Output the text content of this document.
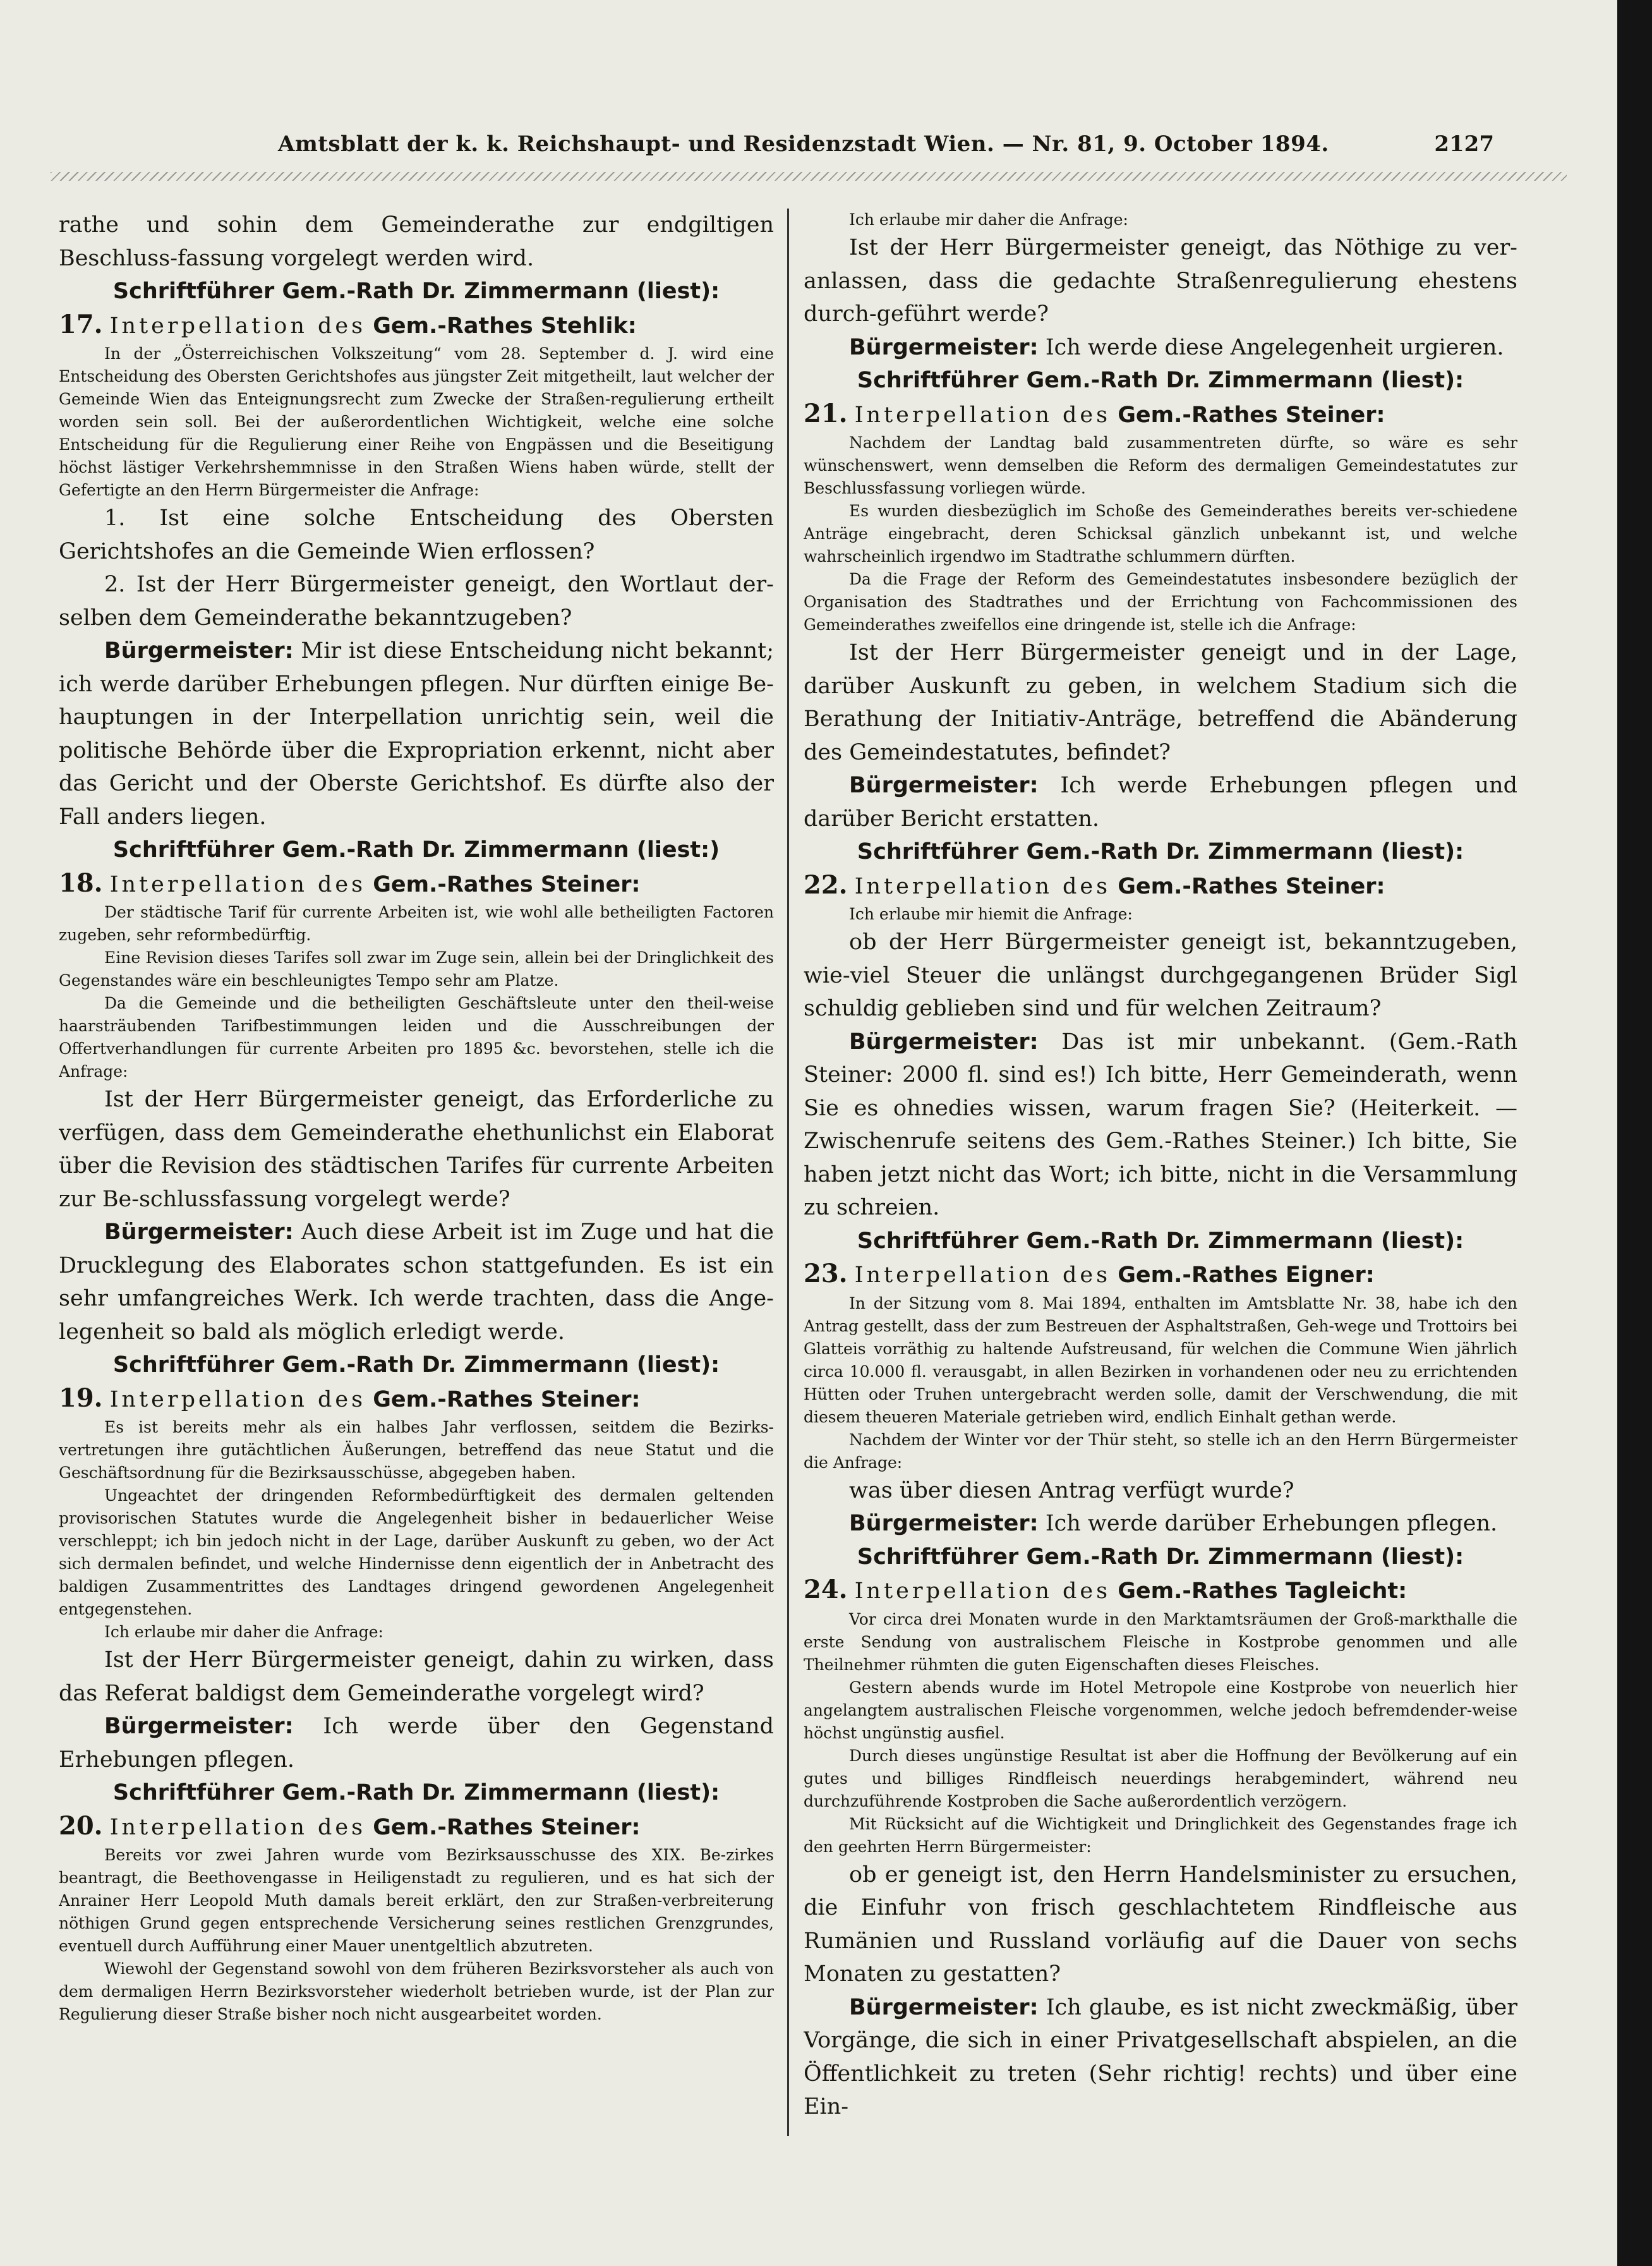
Amtsblatt der k. k. Reichshaupt- und Residenzstadt Wien. — Nr. 81, 9. October 1894.	2127

rathe und sohin dem Gemeinderathe zur endgiltigen Beschluss-fassung vorgelegt werden wird.

Schriftführer Gem.-Rath Dr. Zimmermann (liest):

17. Interpellation des Gem.-Rathes Stehlik:

In der „Österreichischen Volkszeitung“ vom 28. September d. J. wird eine Entscheidung des Obersten Gerichtshofes aus jüngster Zeit mitgetheilt, laut welcher der Gemeinde Wien das Enteignungsrecht zum Zwecke der Straßen-regulierung ertheilt worden sein soll. Bei der außerordentlichen Wichtigkeit, welche eine solche Entscheidung für die Regulierung einer Reihe von Engpässen und die Beseitigung höchst lästiger Verkehrshemmnisse in den Straßen Wiens haben würde, stellt der Gefertigte an den Herrn Bürgermeister die Anfrage:

1. Ist eine solche Entscheidung des Obersten Gerichtshofes an die Gemeinde Wien erflossen?

2. Ist der Herr Bürgermeister geneigt, den Wortlaut der-selben dem Gemeinderathe bekanntzugeben?

Bürgermeister: Mir ist diese Entscheidung nicht bekannt; ich werde darüber Erhebungen pflegen. Nur dürften einige Be-hauptungen in der Interpellation unrichtig sein, weil die politische Behörde über die Expropriation erkennt, nicht aber das Gericht und der Oberste Gerichtshof. Es dürfte also der Fall anders liegen.

Schriftführer Gem.-Rath Dr. Zimmermann (liest:)

18. Interpellation des Gem.-Rathes Steiner:

Der städtische Tarif für currente Arbeiten ist, wie wohl alle betheiligten Factoren zugeben, sehr reformbedürftig.

Eine Revision dieses Tarifes soll zwar im Zuge sein, allein bei der Dringlichkeit des Gegenstandes wäre ein beschleunigtes Tempo sehr am Platze.

Da die Gemeinde und die betheiligten Geschäftsleute unter den theil-weise haarsträubenden Tarifbestimmungen leiden und die Ausschreibungen der Offertverhandlungen für currente Arbeiten pro 1895 &c. bevorstehen, stelle ich die Anfrage:

Ist der Herr Bürgermeister geneigt, das Erforderliche zu verfügen, dass dem Gemeinderathe ehethunlichst ein Elaborat über die Revision des städtischen Tarifes für currente Arbeiten zur Be-schlussfassung vorgelegt werde?

Bürgermeister: Auch diese Arbeit ist im Zuge und hat die Drucklegung des Elaborates schon stattgefunden. Es ist ein sehr umfangreiches Werk. Ich werde trachten, dass die Ange-legenheit so bald als möglich erledigt werde.

Schriftführer Gem.-Rath Dr. Zimmermann (liest):

19. Interpellation des Gem.-Rathes Steiner:

Es ist bereits mehr als ein halbes Jahr verflossen, seitdem die Bezirks-vertretungen ihre gutächtlichen Äußerungen, betreffend das neue Statut und die Geschäftsordnung für die Bezirksausschüsse, abgegeben haben.

Ungeachtet der dringenden Reformbedürftigkeit des dermalen geltenden provisorischen Statutes wurde die Angelegenheit bisher in bedauerlicher Weise verschleppt; ich bin jedoch nicht in der Lage, darüber Auskunft zu geben, wo der Act sich dermalen befindet, und welche Hindernisse denn eigentlich der in Anbetracht des baldigen Zusammentrittes des Landtages dringend gewordenen Angelegenheit entgegenstehen.

Ich erlaube mir daher die Anfrage:

Ist der Herr Bürgermeister geneigt, dahin zu wirken, dass das Referat baldigst dem Gemeinderathe vorgelegt wird?

Bürgermeister: Ich werde über den Gegenstand Erhebungen pflegen.

Schriftführer Gem.-Rath Dr. Zimmermann (liest):

20. Interpellation des Gem.-Rathes Steiner:

Bereits vor zwei Jahren wurde vom Bezirksausschusse des XIX. Be-zirkes beantragt, die Beethovengasse in Heiligenstadt zu regulieren, und es hat sich der Anrainer Herr Leopold Muth damals bereit erklärt, den zur Straßen-verbreiterung nöthigen Grund gegen entsprechende Versicherung seines restlichen Grenzgrundes, eventuell durch Aufführung einer Mauer unentgeltlich abzutreten.

Wiewohl der Gegenstand sowohl von dem früheren Bezirksvorsteher als auch von dem dermaligen Herrn Bezirksvorsteher wiederholt betrieben wurde, ist der Plan zur Regulierung dieser Straße bisher noch nicht ausgearbeitet worden.

Ich erlaube mir daher die Anfrage:

Ist der Herr Bürgermeister geneigt, das Nöthige zu ver-anlassen, dass die gedachte Straßenregulierung ehestens durch-geführt werde?

Bürgermeister: Ich werde diese Angelegenheit urgieren.

Schriftführer Gem.-Rath Dr. Zimmermann (liest):

21. Interpellation des Gem.-Rathes Steiner:

Nachdem der Landtag bald zusammentreten dürfte, so wäre es sehr wünschenswert, wenn demselben die Reform des dermaligen Gemeindestatutes zur Beschlussfassung vorliegen würde.

Es wurden diesbezüglich im Schoße des Gemeinderathes bereits ver-schiedene Anträge eingebracht, deren Schicksal gänzlich unbekannt ist, und welche wahrscheinlich irgendwo im Stadtrathe schlummern dürften.

Da die Frage der Reform des Gemeindestatutes insbesondere bezüglich der Organisation des Stadtrathes und der Errichtung von Fachcommissionen des Gemeinderathes zweifellos eine dringende ist, stelle ich die Anfrage:

Ist der Herr Bürgermeister geneigt und in der Lage, darüber Auskunft zu geben, in welchem Stadium sich die Berathung der Initiativ-Anträge, betreffend die Abänderung des Gemeindestatutes, befindet?

Bürgermeister: Ich werde Erhebungen pflegen und darüber Bericht erstatten.

Schriftführer Gem.-Rath Dr. Zimmermann (liest):

22. Interpellation des Gem.-Rathes Steiner:

Ich erlaube mir hiemit die Anfrage:

ob der Herr Bürgermeister geneigt ist, bekanntzugeben, wie-viel Steuer die unlängst durchgegangenen Brüder Sigl schuldig geblieben sind und für welchen Zeitraum?

Bürgermeister: Das ist mir unbekannt. (Gem.-Rath Steiner: 2000 fl. sind es!) Ich bitte, Herr Gemeinderath, wenn Sie es ohnedies wissen, warum fragen Sie? (Heiterkeit. — Zwischenrufe seitens des Gem.-Rathes Steiner.) Ich bitte, Sie haben jetzt nicht das Wort; ich bitte, nicht in die Versammlung zu schreien.

Schriftführer Gem.-Rath Dr. Zimmermann (liest):

23. Interpellation des Gem.-Rathes Eigner:

In der Sitzung vom 8. Mai 1894, enthalten im Amtsblatte Nr. 38, habe ich den Antrag gestellt, dass der zum Bestreuen der Asphaltstraßen, Geh-wege und Trottoirs bei Glatteis vorräthig zu haltende Aufstreusand, für welchen die Commune Wien jährlich circa 10.000 fl. verausgabt, in allen Bezirken in vorhandenen oder neu zu errichtenden Hütten oder Truhen untergebracht werden solle, damit der Verschwendung, die mit diesem theueren Materiale getrieben wird, endlich Einhalt gethan werde.

Nachdem der Winter vor der Thür steht, so stelle ich an den Herrn Bürgermeister die Anfrage:

was über diesen Antrag verfügt wurde?

Bürgermeister: Ich werde darüber Erhebungen pflegen.

Schriftführer Gem.-Rath Dr. Zimmermann (liest):

24. Interpellation des Gem.-Rathes Tagleicht:

Vor circa drei Monaten wurde in den Marktamtsräumen der Groß-markthalle die erste Sendung von australischem Fleische in Kostprobe genommen und alle Theilnehmer rühmten die guten Eigenschaften dieses Fleisches.

Gestern abends wurde im Hotel Metropole eine Kostprobe von neuerlich hier angelangtem australischen Fleische vorgenommen, welche jedoch befremdender-weise höchst ungünstig ausfiel.

Durch dieses ungünstige Resultat ist aber die Hoffnung der Bevölkerung auf ein gutes und billiges Rindfleisch neuerdings herabgemindert, während neu durchzuführende Kostproben die Sache außerordentlich verzögern.

Mit Rücksicht auf die Wichtigkeit und Dringlichkeit des Gegenstandes frage ich den geehrten Herrn Bürgermeister:

ob er geneigt ist, den Herrn Handelsminister zu ersuchen, die Einfuhr von frisch geschlachtetem Rindfleische aus Rumänien und Russland vorläufig auf die Dauer von sechs Monaten zu gestatten?

Bürgermeister: Ich glaube, es ist nicht zweckmäßig, über Vorgänge, die sich in einer Privatgesellschaft abspielen, an die Öffentlichkeit zu treten (Sehr richtig! rechts) und über eine Ein-
